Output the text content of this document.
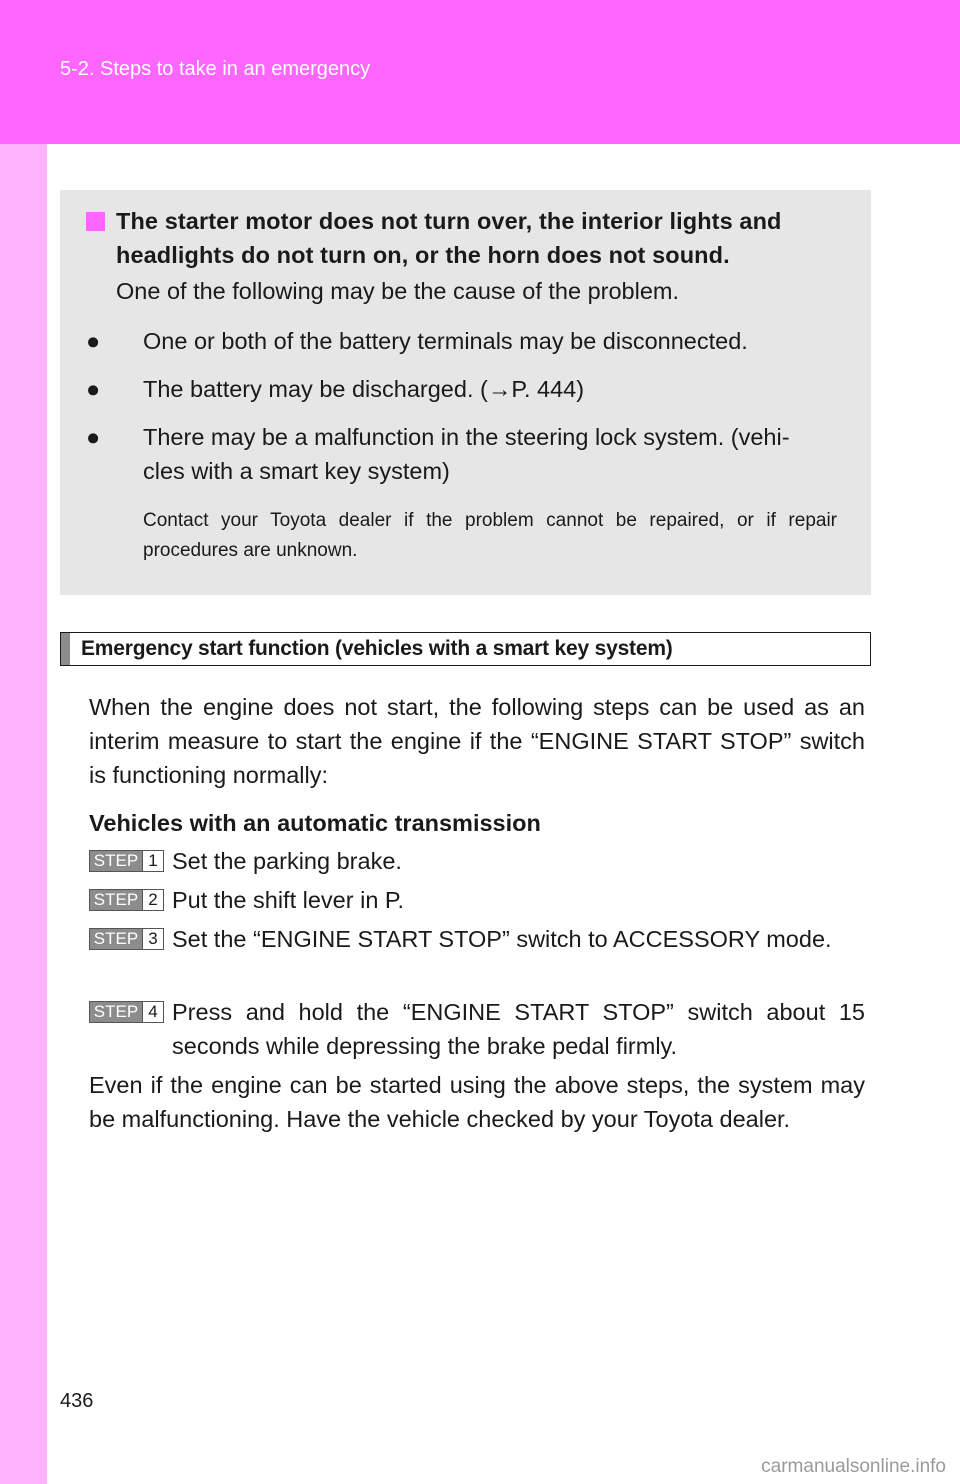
5-2. Steps to take in an emergency
The starter motor does not turn over, the interior lights and headlights do not turn on, or the horn does not sound.
One of the following may be the cause of the problem.
● One or both of the battery terminals may be disconnected.
● The battery may be discharged. (→P. 444)
● There may be a malfunction in the steering lock system. (vehi-cles with a smart key system)
Contact your Toyota dealer if the problem cannot be repaired, or if repair procedures are unknown.
Emergency start function (vehicles with a smart key system)
When the engine does not start, the following steps can be used as an interim measure to start the engine if the “ENGINE START STOP” switch is functioning normally:
Vehicles with an automatic transmission
STEP 1 Set the parking brake.
STEP 2 Put the shift lever in P.
STEP 3 Set the “ENGINE START STOP” switch to ACCESSORY mode.
STEP 4 Press and hold the “ENGINE START STOP” switch about 15 seconds while depressing the brake pedal firmly.
Even if the engine can be started using the above steps, the system may be malfunctioning. Have the vehicle checked by your Toyota dealer.
436
carmanualsonline.info
